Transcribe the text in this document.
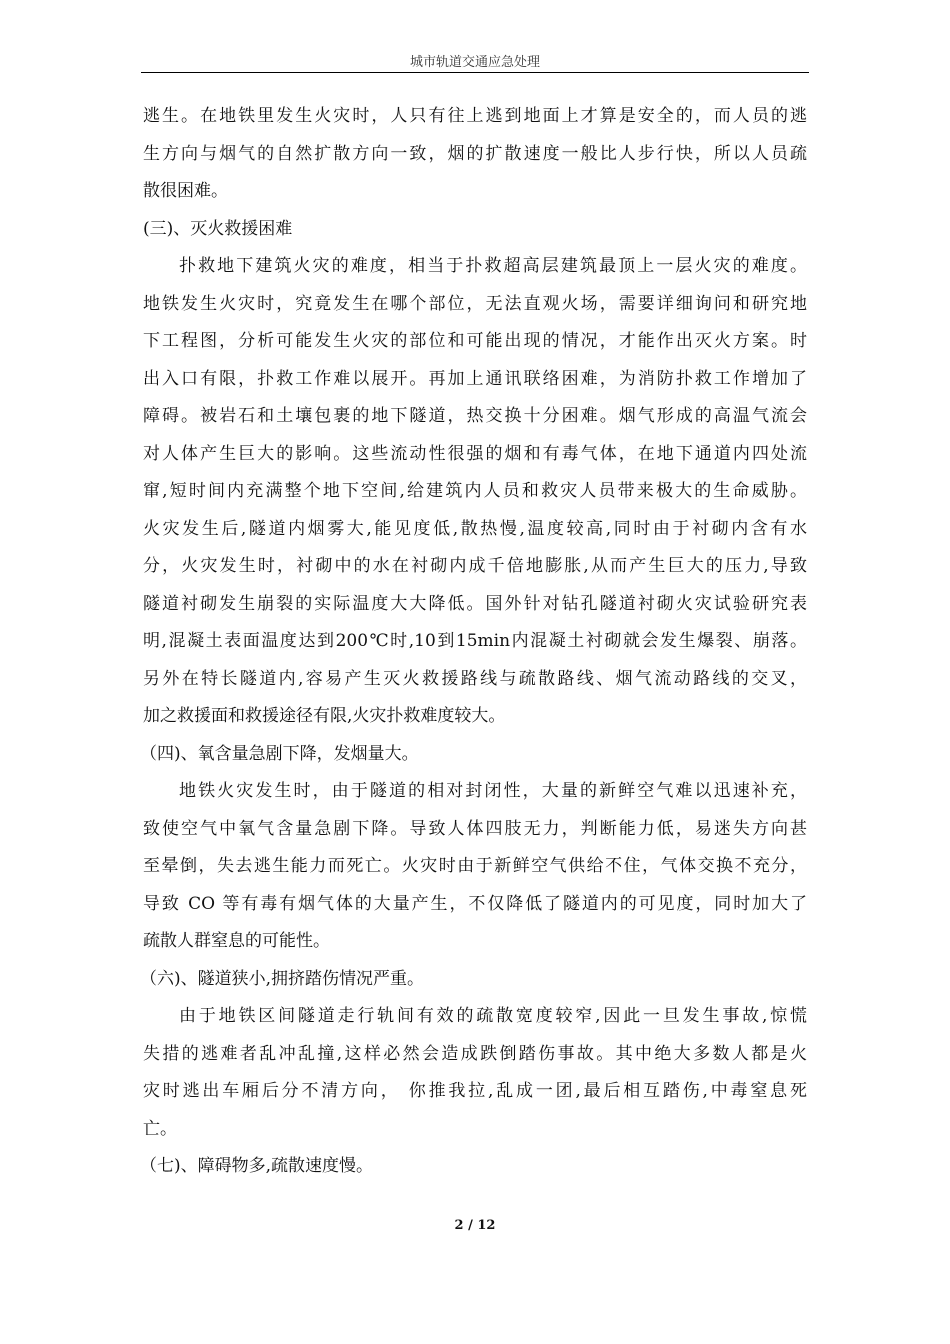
城市轨道交通应急处理
逃生。在地铁里发生火灾时，人只有往上逃到地面上才算是安全的，而人员的逃
生方向与烟气的自然扩散方向一致，烟的扩散速度一般比人步行快，所以人员疏
散很困难。
(三)、灭火救援困难
扑救地下建筑火灾的难度，相当于扑救超高层建筑最顶上一层火灾的难度。
地铁发生火灾时，究竟发生在哪个部位，无法直观火场，需要详细询问和研究地
下工程图，分析可能发生火灾的部位和可能出现的情况，才能作出灭火方案。时
出入口有限，扑救工作难以展开。再加上通讯联络困难，为消防扑救工作增加了
障碍。被岩石和土壤包裹的地下隧道，热交换十分困难。烟气形成的高温气流会
对人体产生巨大的影响。这些流动性很强的烟和有毒气体，在地下通道内四处流
窜,短时间内充满整个地下空间,给建筑内人员和救灾人员带来极大的生命威胁。
火灾发生后,隧道内烟雾大,能见度低,散热慢,温度较高,同时由于衬砌内含有水
分，火灾发生时，衬砌中的水在衬砌内成千倍地膨胀,从而产生巨大的压力,导致
隧道衬砌发生崩裂的实际温度大大降低。国外针对钻孔隧道衬砌火灾试验研究表
明,混凝土表面温度达到200℃时,10到15min内混凝土衬砌就会发生爆裂、崩落。
另外在特长隧道内,容易产生灭火救援路线与疏散路线、烟气流动路线的交叉，
加之救援面和救援途径有限,火灾扑救难度较大。
（四)、氧含量急剧下降，发烟量大。
地铁火灾发生时，由于隧道的相对封闭性，大量的新鲜空气难以迅速补充，
致使空气中氧气含量急剧下降。导致人体四肢无力，判断能力低，易迷失方向甚
至晕倒，失去逃生能力而死亡。火灾时由于新鲜空气供给不住，气体交换不充分，
导致 CO 等有毒有烟气体的大量产生，不仅降低了隧道内的可见度，同时加大了
疏散人群窒息的可能性。
（六)、隧道狭小,拥挤踏伤情况严重。
由于地铁区间隧道走行轨间有效的疏散宽度较窄,因此一旦发生事故,惊慌
失措的逃难者乱冲乱撞,这样必然会造成跌倒踏伤事故。其中绝大多数人都是火
灾时逃出车厢后分不清方向， 你推我拉,乱成一团,最后相互踏伤,中毒窒息死
亡。
（七)、障碍物多,疏散速度慢。
2 / 12
